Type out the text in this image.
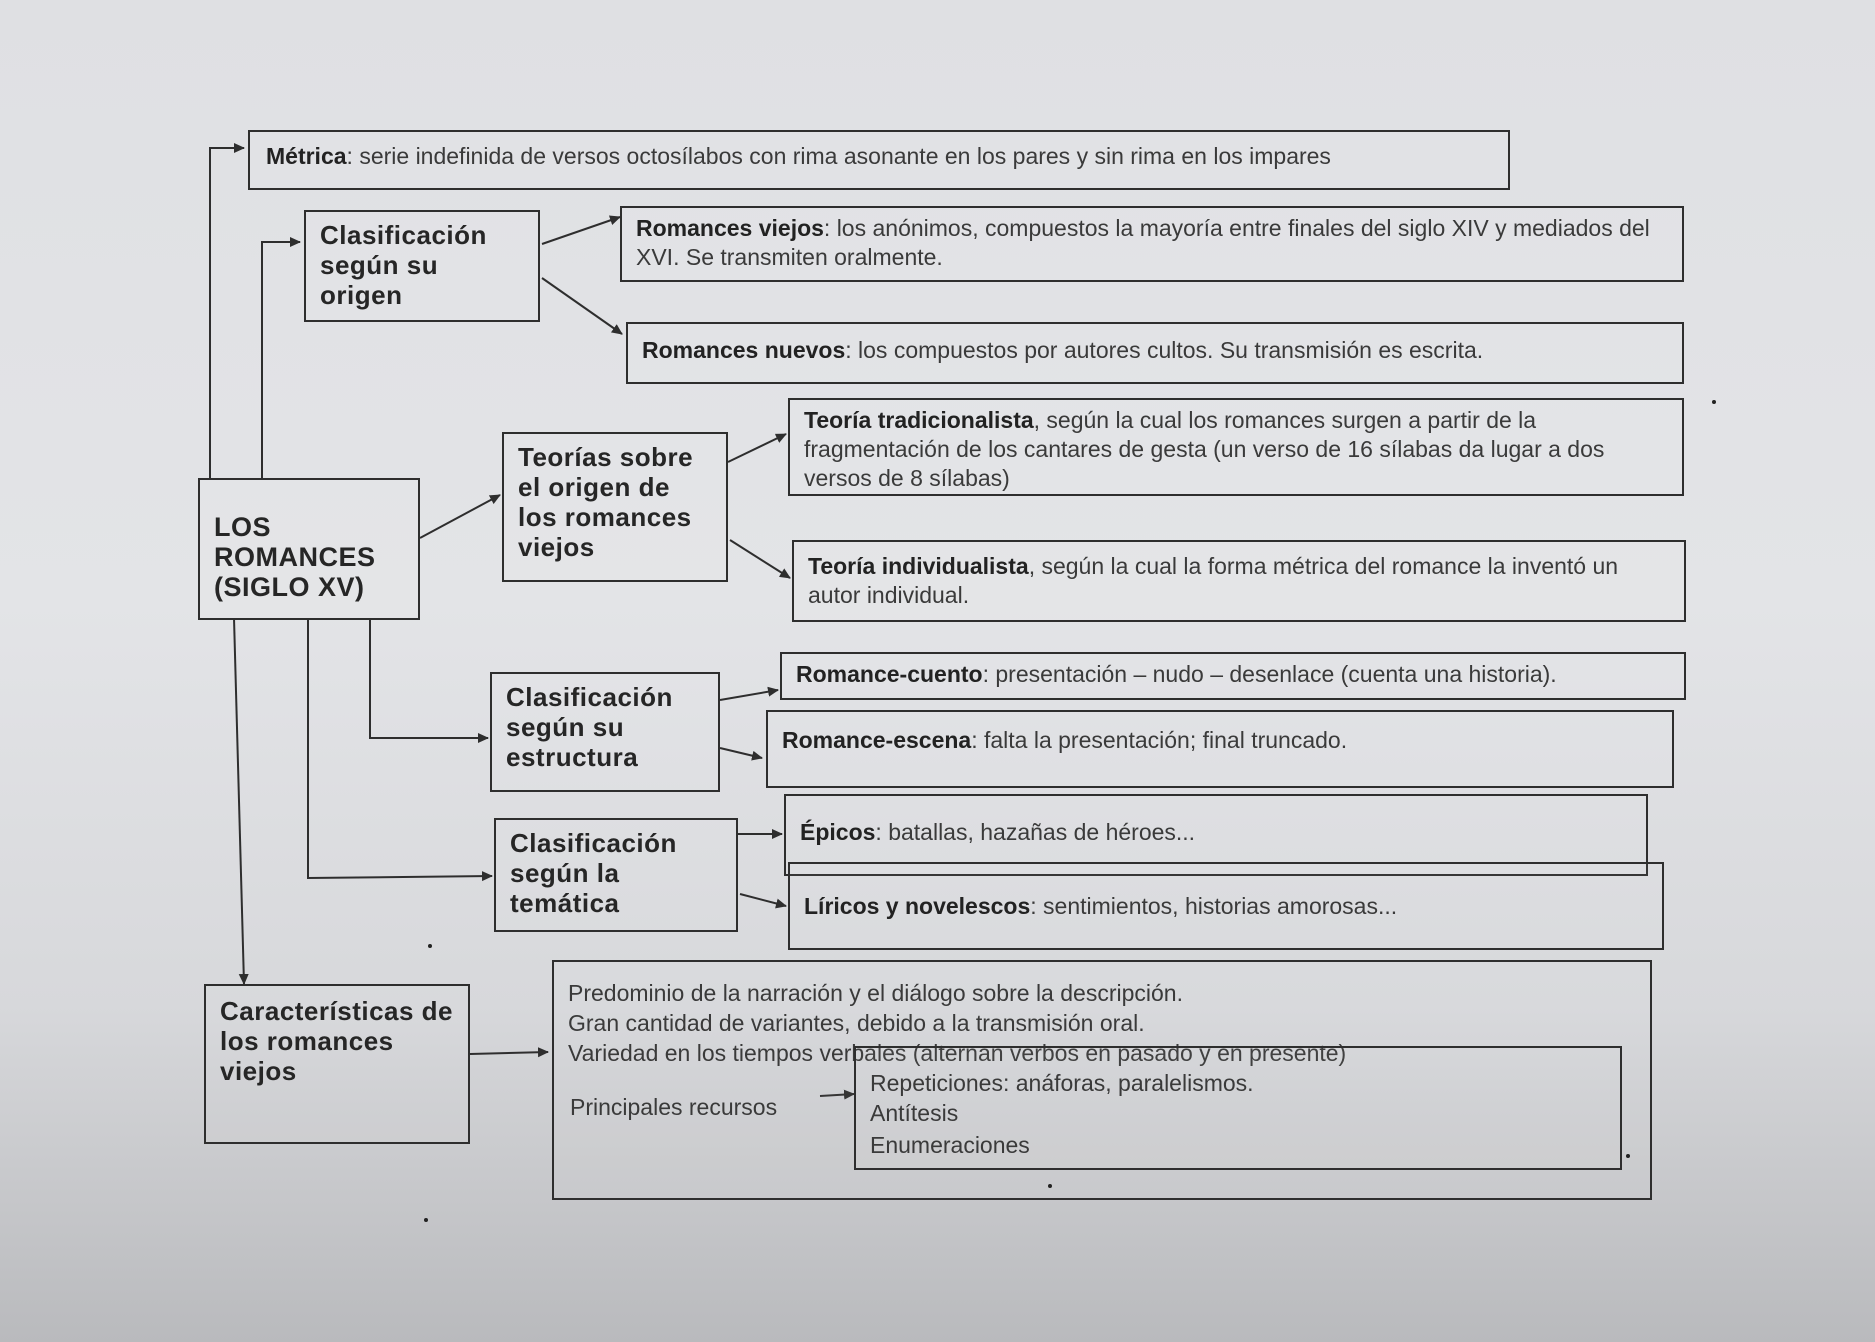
LOS ROMANCES (SIGLO XV)
Métrica: serie indefinida de versos octosílabos con rima asonante en los pares y sin rima en los impares
Clasificación según su origen
Romances viejos: los anónimos, compuestos la mayoría entre finales del siglo XIV y mediados del XVI. Se transmiten oralmente.
Romances nuevos: los compuestos por autores cultos. Su transmisión es escrita.
Teorías sobre el origen de los romances viejos
Teoría tradicionalista, según la cual los romances surgen a partir de la fragmentación de los cantares de gesta (un verso de 16 sílabas da lugar a dos versos de 8 sílabas)
Teoría individualista, según la cual la forma métrica del romance la inventó un autor individual.
Clasificación según su estructura
Romance-cuento: presentación – nudo – desenlace (cuenta una historia).
Romance-escena: falta la presentación; final truncado.
Clasificación según la temática
Épicos: batallas, hazañas de héroes...
Líricos y novelescos: sentimientos, historias amorosas...
Características de los romances viejos
Predominio de la narración y el diálogo sobre la descripción.
Gran cantidad de variantes, debido a la transmisión oral.
Variedad en los tiempos verbales (alternan verbos en pasado y en presente)
Principales recursos
Repeticiones: anáforas, paralelismos.
Antítesis
Enumeraciones
